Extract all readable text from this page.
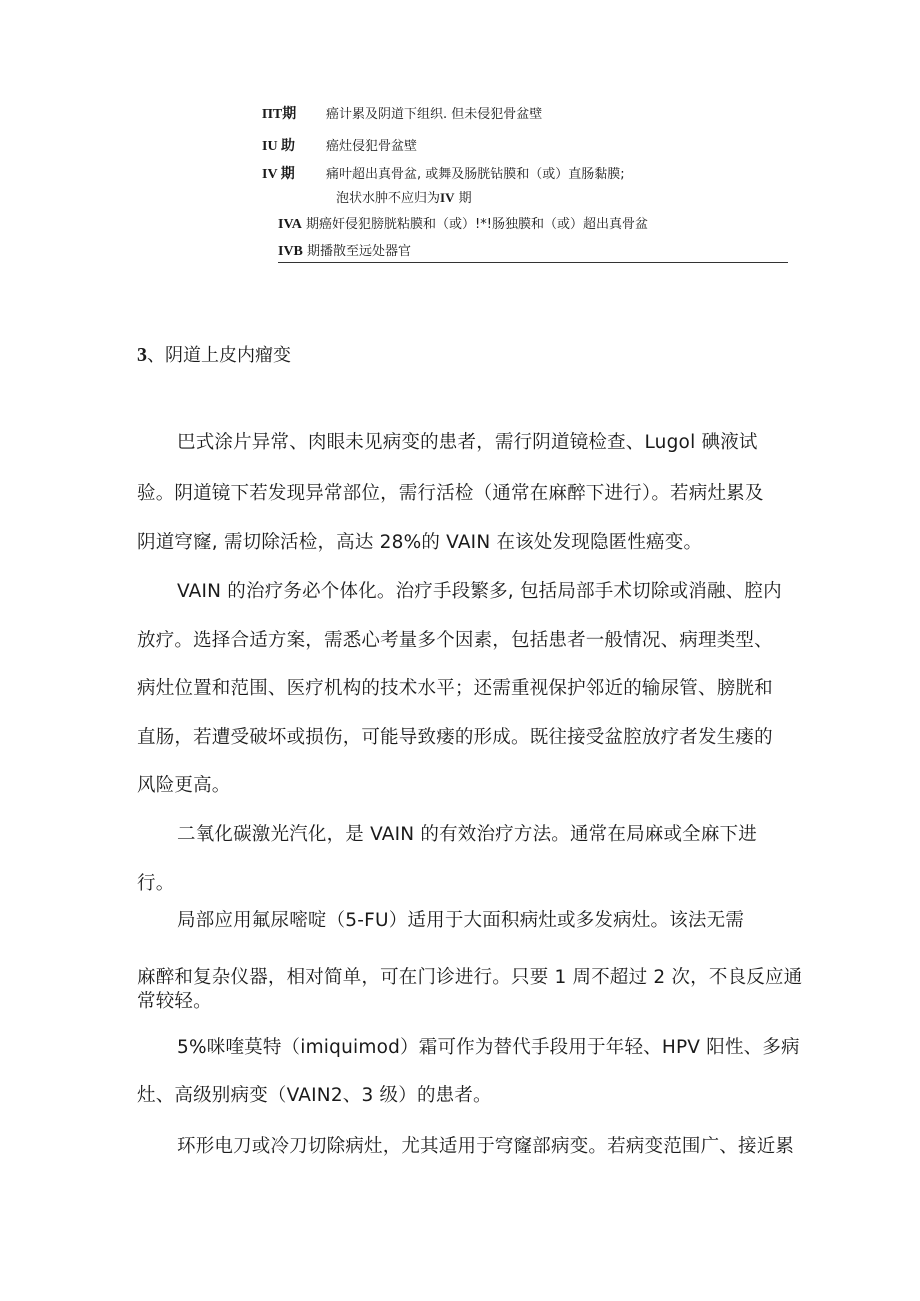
ΠΤ期 癌计累及阴道下组织. 但未侵犯骨盆壁
IU 助 癌灶侵犯骨盆壁
IV 期 痛叶超出真骨盆, 或舞及肠胱钻膜和（或）直肠黏膜;
泡状水肿不应归为IV 期
IVA 期癌奸侵犯膀胱粘膜和（或）!*!肠独膜和（或）超出真骨盆
IVB 期播散至远处器官
3、阴道上皮内瘤变
巴式涂片异常、肉眼未见病变的患者，需行阴道镜检查、Lugol 碘液试
验。阴道镜下若发现异常部位，需行活检（通常在麻醉下进行）。若病灶累及
阴道穹窿, 需切除活检，高达 28%的 VAIN 在该处发现隐匿性癌变。
VAIN 的治疗务必个体化。治疗手段繁多, 包括局部手术切除或消融、腔内
放疗。选择合适方案，需悉心考量多个因素，包括患者一般情况、病理类型、
病灶位置和范围、医疗机构的技术水平；还需重视保护邻近的输尿管、膀胱和
直肠，若遭受破坏或损伤，可能导致瘘的形成。既往接受盆腔放疗者发生瘘的
风险更高。
二氧化碳激光汽化，是 VAIN 的有效治疗方法。通常在局麻或全麻下进
行。
局部应用氟尿嘧啶（5-FU）适用于大面积病灶或多发病灶。该法无需
麻醉和复杂仪器，相对简单，可在门诊进行。只要 1 周不超过 2 次，不良反应通
常较轻。
5%咪喹莫特（imiquimod）霜可作为替代手段用于年轻、HPV 阳性、多病
灶、高级别病变（VAIN2、3 级）的患者。
环形电刀或冷刀切除病灶，尤其适用于穹窿部病变。若病变范围广、接近累
